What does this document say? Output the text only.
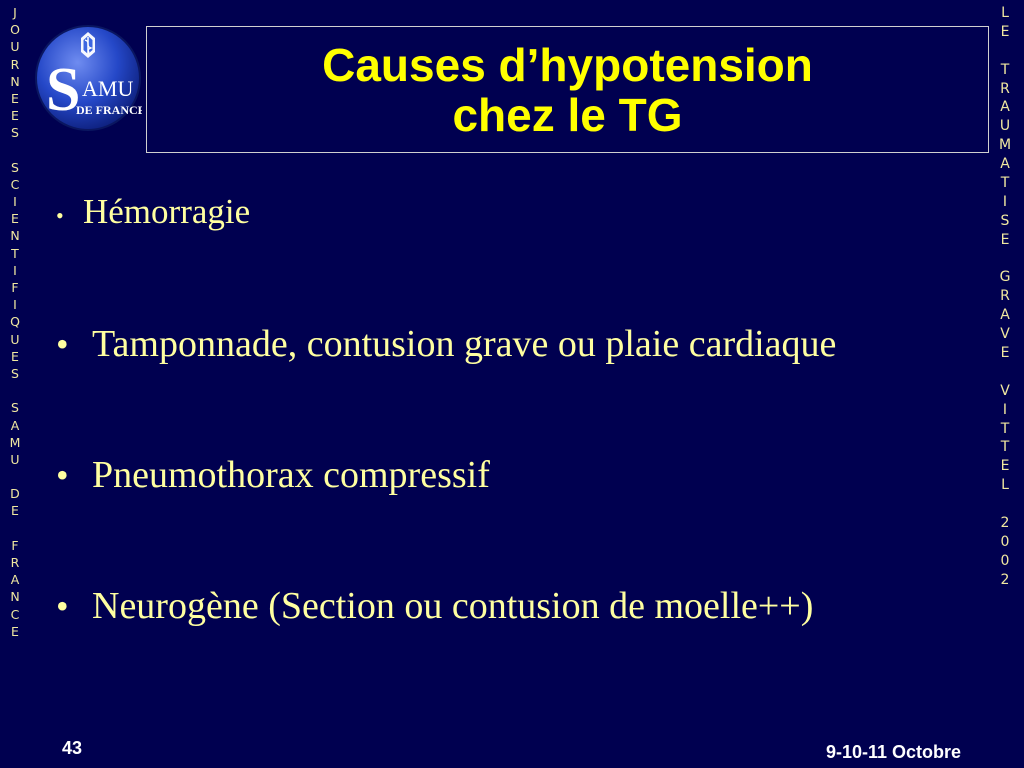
J
O
U
R
N
E
E
S
S
C
I
E
N
T
I
F
I
Q
U
E
S
S
A
M
U
D
E
F
R
A
N
C
E
L
E
T
R
A
U
M
A
T
I
S
E
G
R
A
V
E
V
I
T
T
E
L
2
0
0
2
S AMU
DE FRANCE
Causes d’hypotension
chez le TG
• Hémorragie
• Tamponnade, contusion grave ou plaie cardiaque
• Pneumothorax compressif
• Neurogène (Section ou contusion de moelle++)
43	9-10-11 Octobre
